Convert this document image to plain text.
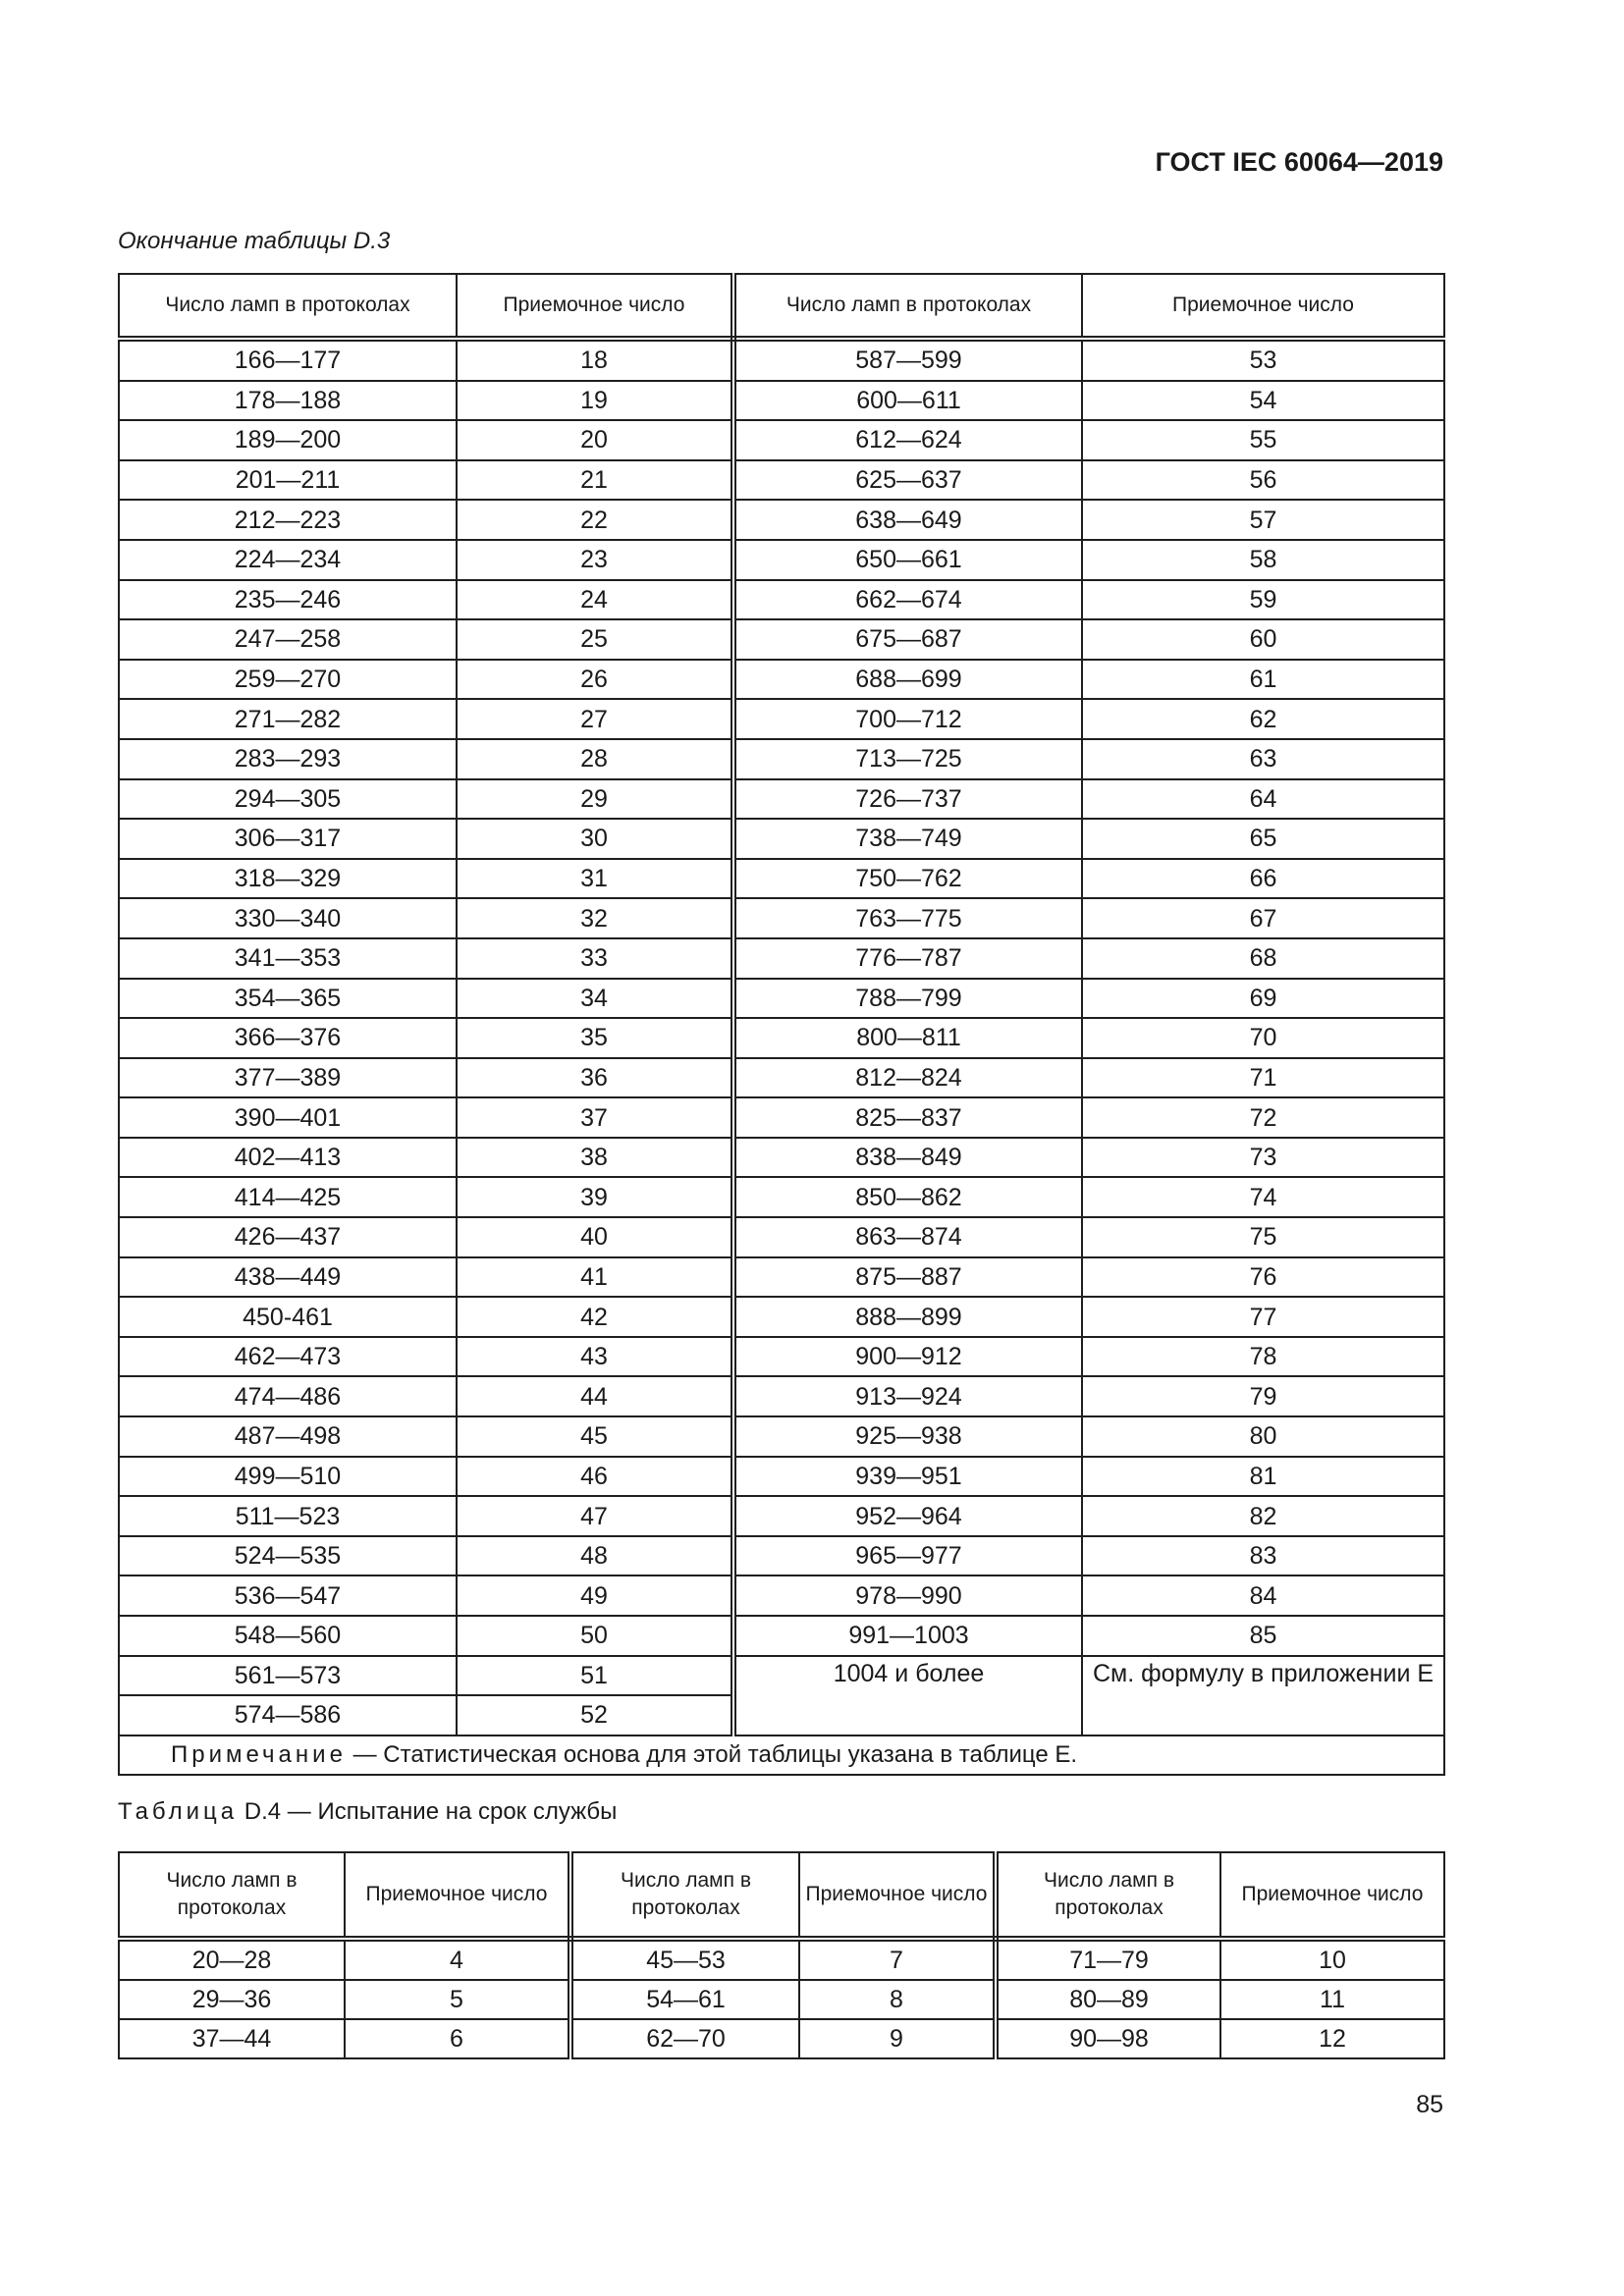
ГОСТ IEC 60064—2019
Окончание таблицы D.3
Число ламп в протоколах	Приемочное число	Число ламп в протоколах	Приемочное число
166—177	18	587—599	53
178—188	19	600—611	54
189—200	20	612—624	55
201—211	21	625—637	56
212—223	22	638—649	57
224—234	23	650—661	58
235—246	24	662—674	59
247—258	25	675—687	60
259—270	26	688—699	61
271—282	27	700—712	62
283—293	28	713—725	63
294—305	29	726—737	64
306—317	30	738—749	65
318—329	31	750—762	66
330—340	32	763—775	67
341—353	33	776—787	68
354—365	34	788—799	69
366—376	35	800—811	70
377—389	36	812—824	71
390—401	37	825—837	72
402—413	38	838—849	73
414—425	39	850—862	74
426—437	40	863—874	75
438—449	41	875—887	76
450-461	42	888—899	77
462—473	43	900—912	78
474—486	44	913—924	79
487—498	45	925—938	80
499—510	46	939—951	81
511—523	47	952—964	82
524—535	48	965—977	83
536—547	49	978—990	84
548—560	50	991—1003	85
561—573	51	1004 и более	См. формулу в приложении Е
574—586	52		
Примечание — Статистическая основа для этой таблицы указана в таблице Е.			
Таблица D.4 — Испытание на срок службы
Число ламп в протоколах	Приемочное число	Число ламп в протоколах	Приемочное число	Число ламп в протоколах	Приемочное число
20—28	4	45—53	7	71—79	10
29—36	5	54—61	8	80—89	11
37—44	6	62—70	9	90—98	12
85
